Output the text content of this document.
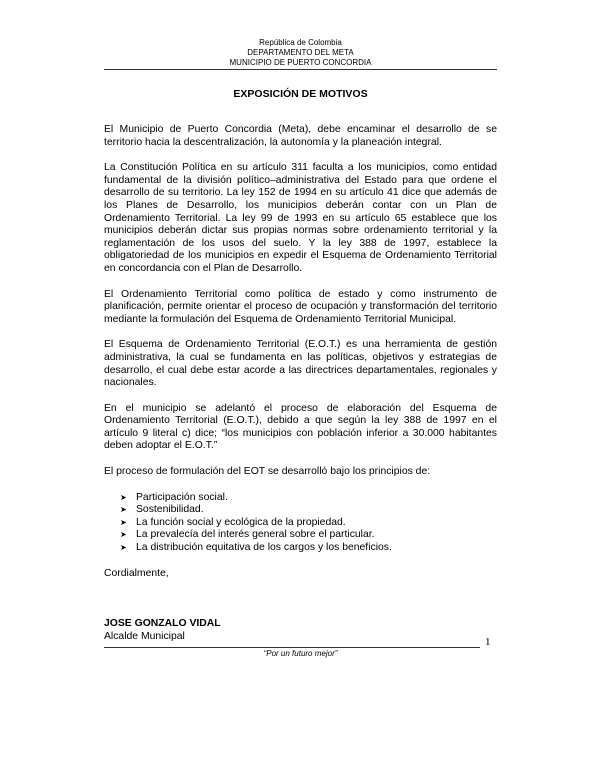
República de Colombia
DEPARTAMENTO DEL META
MUNICIPIO DE PUERTO CONCORDIA
EXPOSICIÓN DE MOTIVOS

El Municipio de Puerto Concordia (Meta), debe encaminar el desarrollo de se territorio hacia la descentralización, la autonomía y la planeación integral.

La Constitución Política en su artículo 311 faculta a los municipios, como entidad fundamental de la división político–administrativa del Estado para que ordene el desarrollo de su territorio. La ley 152 de 1994 en su artículo 41 dice que además de los Planes de Desarrollo, los municipios deberán contar con un Plan de Ordenamiento Territorial. La ley 99 de 1993 en su artículo 65 establece que los municipios deberán dictar sus propias normas sobre ordenamiento territorial y la reglamentación de los usos del suelo. Y la ley 388 de 1997, establece la obligatoriedad de los municipios en expedir el Esquema de Ordenamiento Territorial en concordancia con el Plan de Desarrollo.

El Ordenamiento Territorial como política de estado y como instrumento de planificación, permite orientar el proceso de ocupación y transformación del territorio mediante la formulación del Esquema de Ordenamiento Territorial Municipal.

El Esquema de Ordenamiento Territorial (E.O.T.) es una herramienta de gestión administrativa, la cual se fundamenta en las políticas, objetivos y estrategias de desarrollo, el cual debe estar acorde a las directrices departamentales, regionales y nacionales.

En el municipio se adelantó el proceso de elaboración del Esquema de Ordenamiento Territorial (E.O.T.), debido a que según la ley 388 de 1997 en el artículo 9 literal c) dice; “los municipios con población inferior a 30.000 habitantes deben adoptar el E.O.T.”

El proceso de formulación del EOT se desarrolló bajo los principios de:

➤ Participación social.
➤ Sostenibilidad.
➤ La función social y ecológica de la propiedad.
➤ La prevalecía del interés general sobre el particular.
➤ La distribución equitativa de los cargos y los beneficios.
Cordialmente,
JOSE GONZALO VIDAL
Alcalde Municipal	1
“Por un futuro mejor”
